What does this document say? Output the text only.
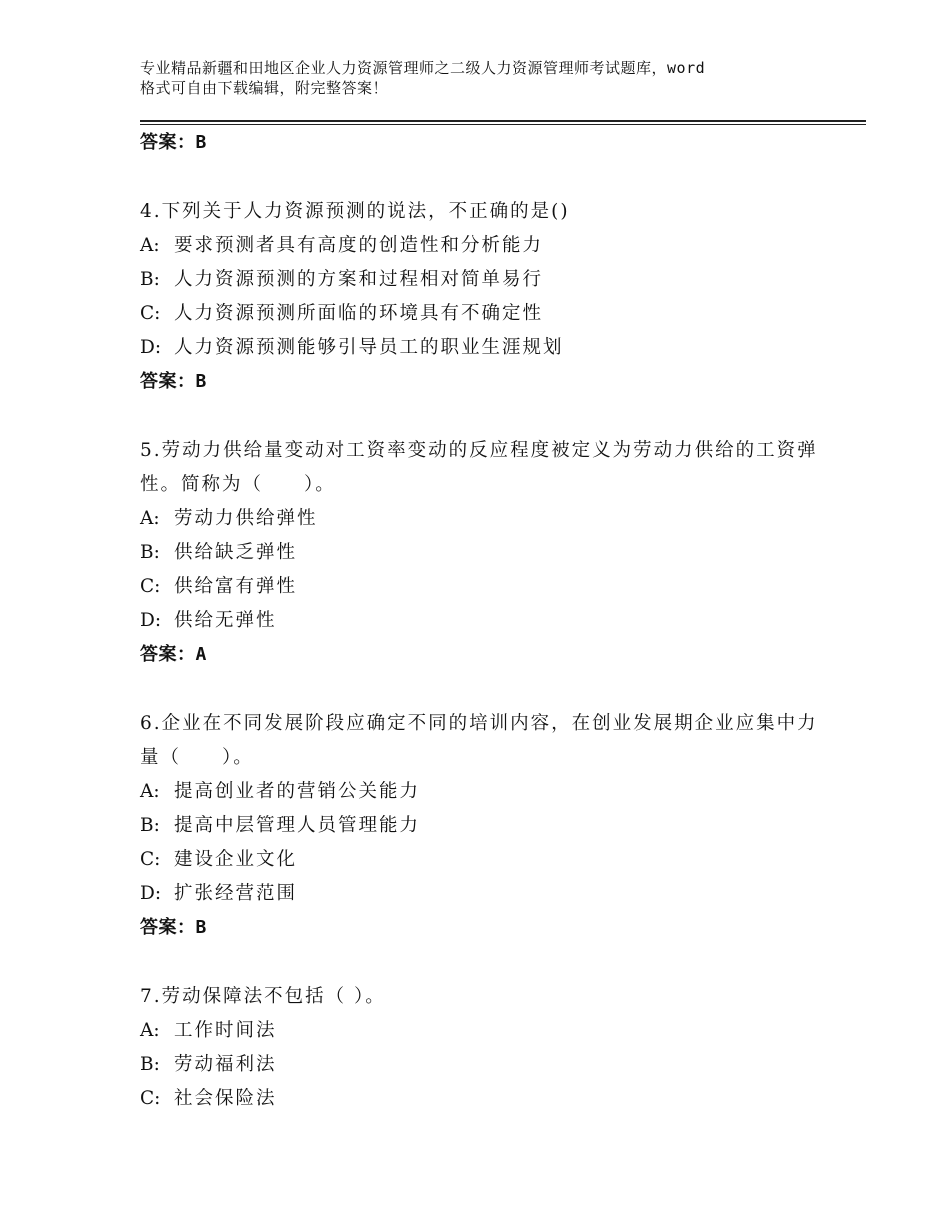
专业精品新疆和田地区企业人力资源管理师之二级人力资源管理师考试题库，word
格式可自由下载编辑，附完整答案！
答案：B
4.下列关于人力资源预测的说法，不正确的是()
A: 要求预测者具有高度的创造性和分析能力
B: 人力资源预测的方案和过程相对简单易行
C: 人力资源预测所面临的环境具有不确定性
D: 人力资源预测能够引导员工的职业生涯规划
答案：B
5.劳动力供给量变动对工资率变动的反应程度被定义为劳动力供给的工资弹性。简称为（　　）。
A: 劳动力供给弹性
B: 供给缺乏弹性
C: 供给富有弹性
D: 供给无弹性
答案：A
6.企业在不同发展阶段应确定不同的培训内容，在创业发展期企业应集中力量（　　）。
A: 提高创业者的营销公关能力
B: 提高中层管理人员管理能力
C: 建设企业文化
D: 扩张经营范围
答案：B
7.劳动保障法不包括（ ）。
A: 工作时间法
B: 劳动福利法
C: 社会保险法
